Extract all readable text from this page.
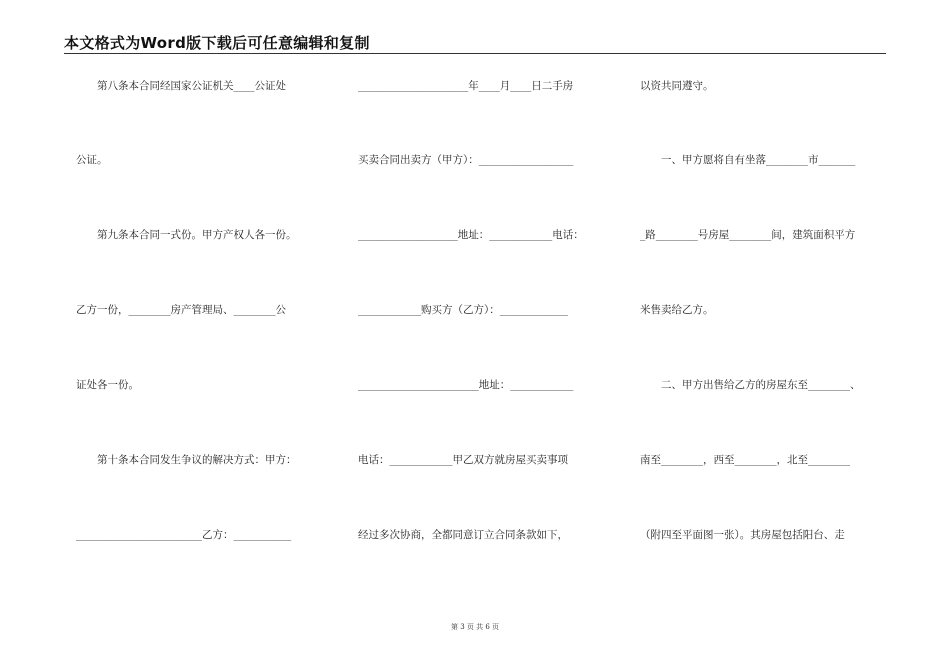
本文格式为Word版下载后可任意编辑和复制
　　第八条本合同经国家公证机关____公证处
公证。
　　第九条本合同一式份。甲方产权人各一份。
乙方一份，________房产管理局、________公
证处各一份。
　　第十条本合同发生争议的解决方式：甲方：
________________________乙方：___________
_____________________年____月____日二手房
买卖合同出卖方（甲方）：__________________
___________________地址：____________电话：
____________购买方（乙方）：_____________
_______________________地址：____________
电话：____________甲乙双方就房屋买卖事项
经过多次协商，全都同意订立合同条款如下，
以资共同遵守。
　　一、甲方愿将自有坐落________市_______
_路________号房屋________间，建筑面积平方
米售卖给乙方。
　　二、甲方出售给乙方的房屋东至________、
南至________，西至________，北至________
（附四至平面图一张）。其房屋包括阳台、走
第 3 页 共 6 页
